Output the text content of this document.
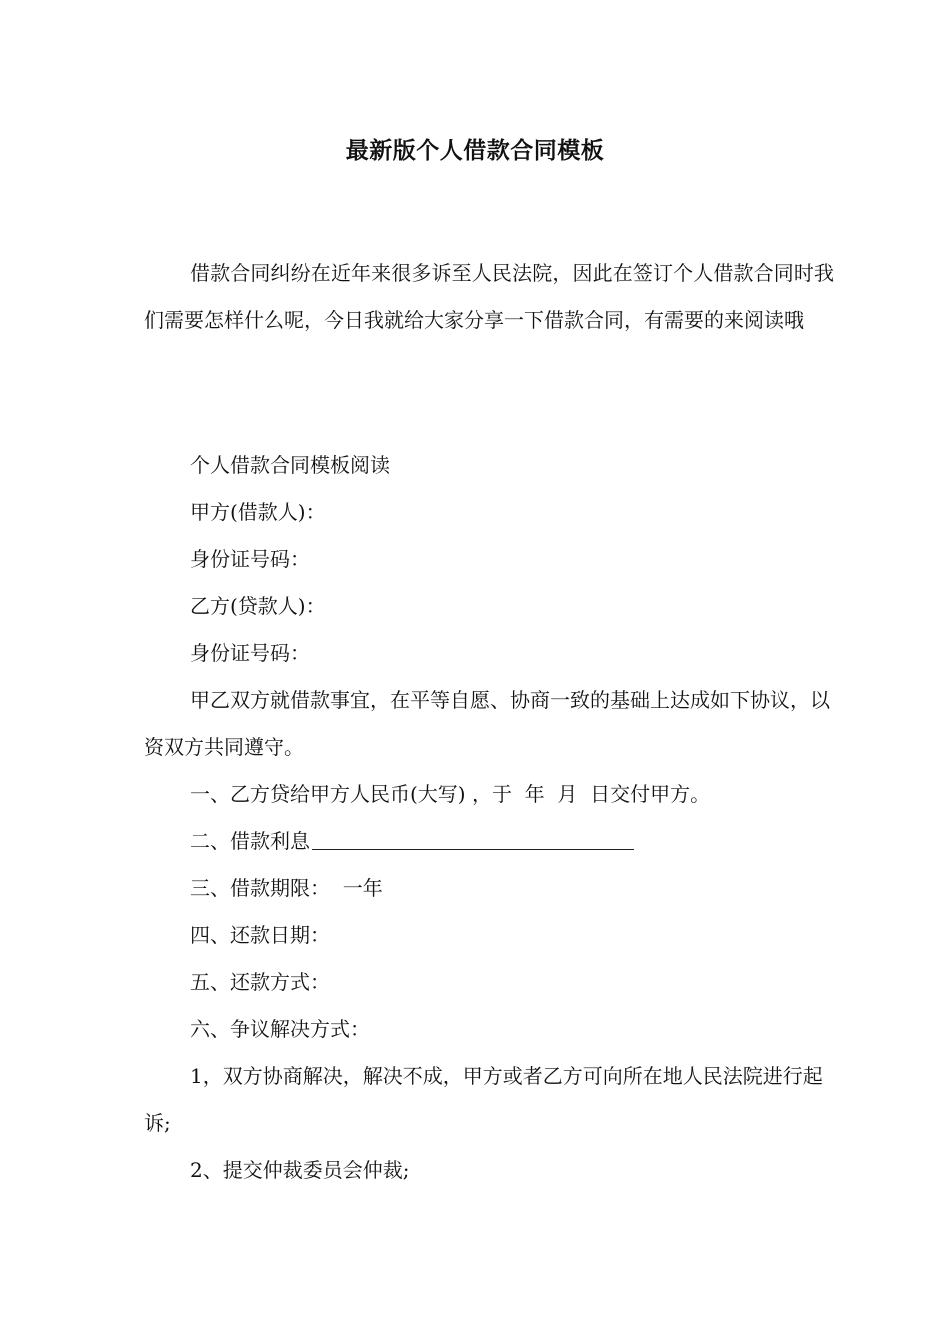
最新版个人借款合同模板

借款合同纠纷在近年来很多诉至人民法院，因此在签订个人借款合同时我们需要怎样什么呢，今日我就给大家分享一下借款合同，有需要的来阅读哦

个人借款合同模板阅读

甲方(借款人)：

身份证号码：

乙方(贷款人)：

身份证号码：

甲乙双方就借款事宜，在平等自愿、协商一致的基础上达成如下协议，以资双方共同遵守。

一、乙方贷给甲方人民币(大写) ，于  年  月  日交付甲方。

二、借款利息

三、借款期限：  一年

四、还款日期：

五、还款方式：

六、争议解决方式：

1，双方协商解决，解决不成，甲方或者乙方可向所在地人民法院进行起诉;

2、提交仲裁委员会仲裁;
